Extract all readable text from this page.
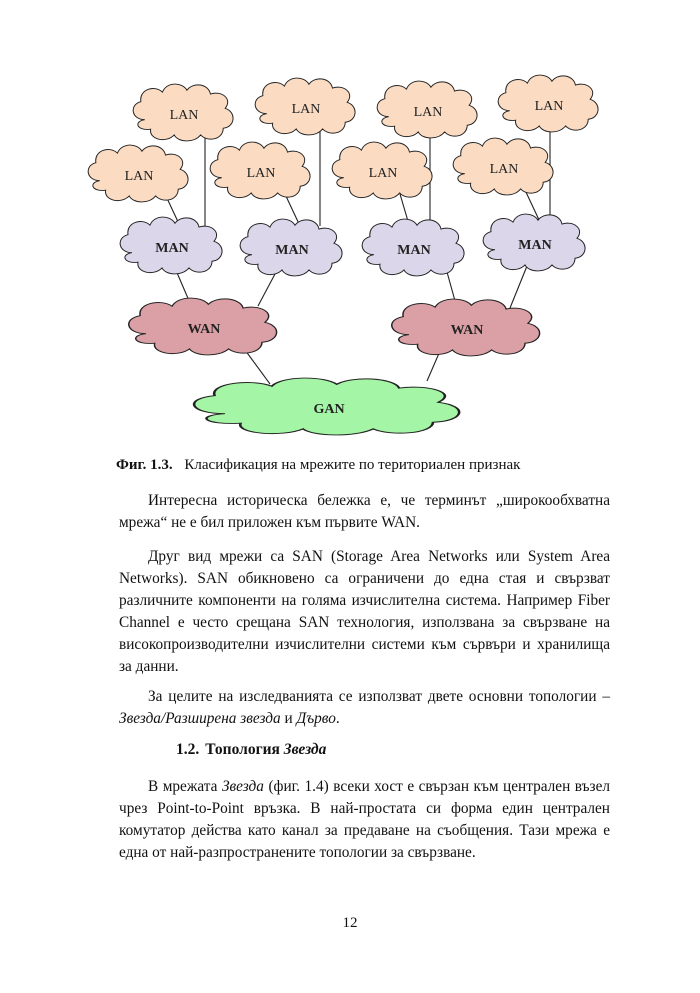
LAN	LAN	LAN	LAN
LAN	LAN	LAN	LAN
MAN	MAN	MAN	MAN
WAN	WAN
GAN
Фиг. 1.3. Класификация на мрежите по териториален признак

Интересна историческа бележка е, че терминът „широкообхватна мрежа“ не е бил приложен към първите WAN.

Друг вид мрежи са SAN (Storage Area Networks или System Area Networks). SAN обикновено са ограничени до една стая и свързват различните компоненти на голяма изчислителна система. Например Fiber Channel е често срещана SAN технология, използвана за свързване на високопроизводителни изчислителни системи към сървъри и хранилища за данни.

За целите на изследванията се използват двете основни топологии – Звезда/Разширена звезда и Дърво.

1.2. Топология Звезда

В мрежата Звезда (фиг. 1.4) всеки хост е свързан към централен възел чрез Point-to-Point връзка. В най-простата си форма един централен комутатор действа като канал за предаване на съобщения. Тази мрежа е една от най-разпространените топологии за свързване.

12
